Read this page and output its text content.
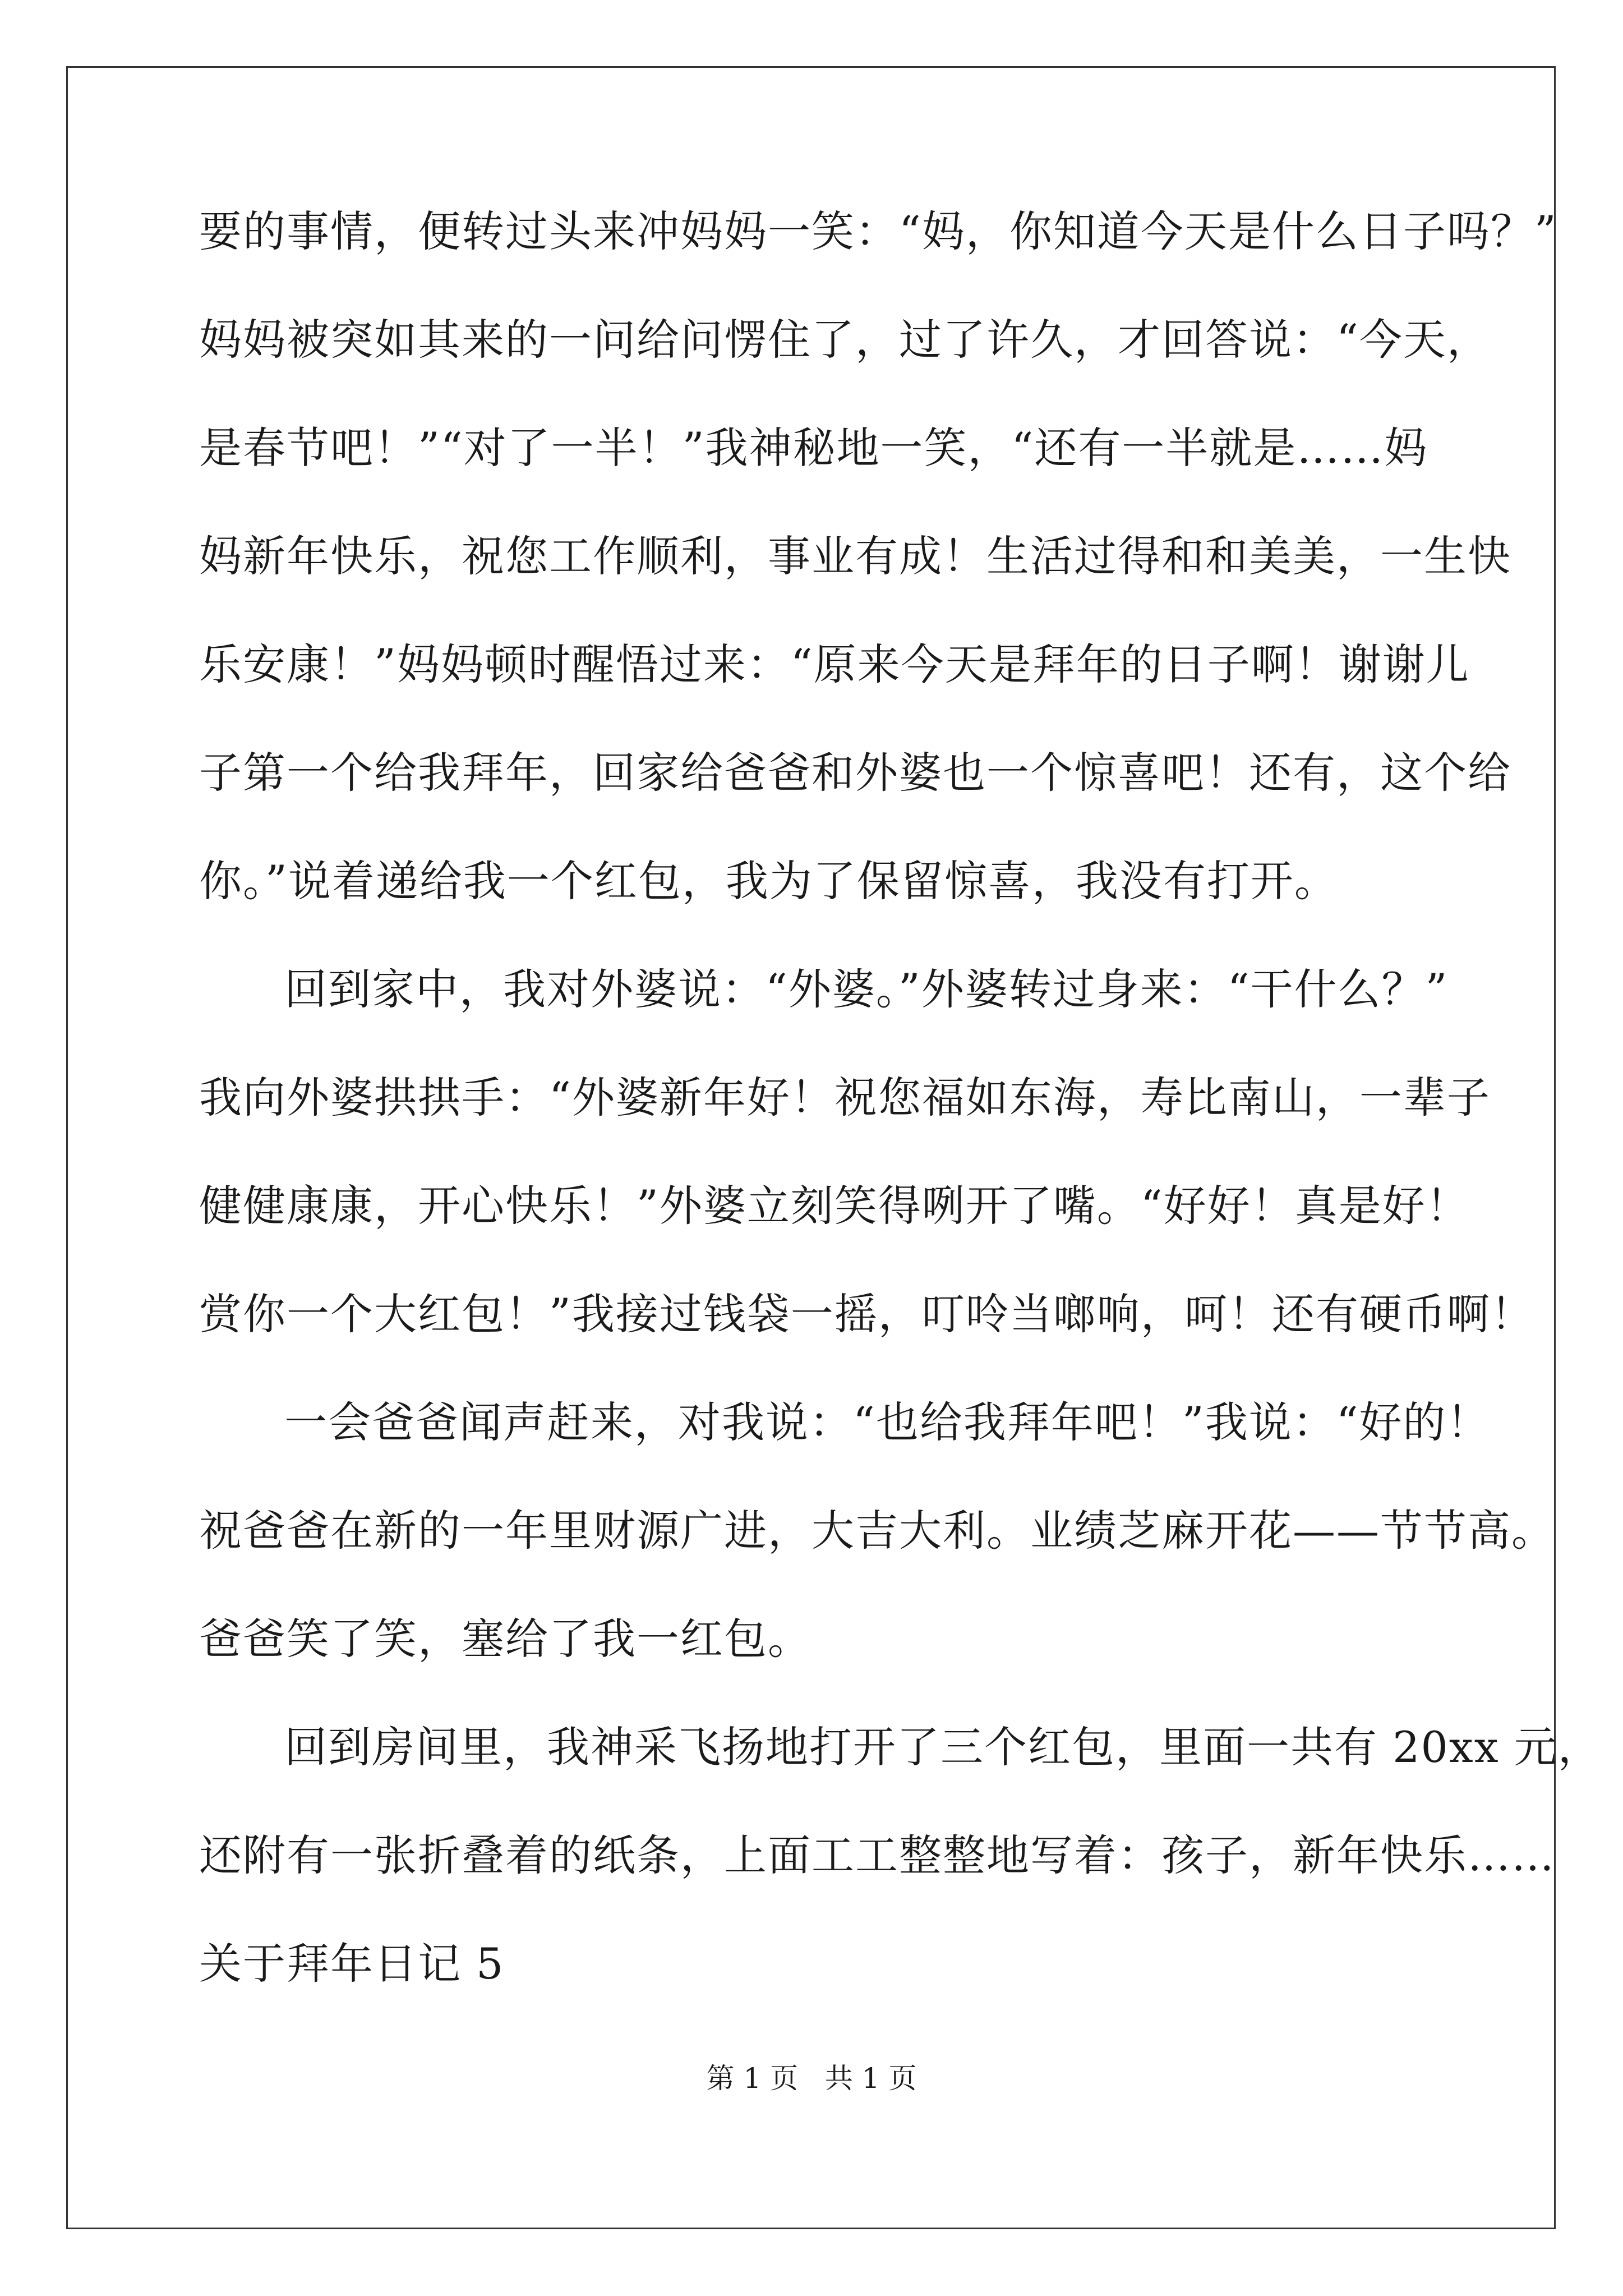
要的事情，便转过头来冲妈妈一笑：“妈，你知道今天是什么日子吗？”
妈妈被突如其来的一问给问愣住了，过了许久，才回答说：“今天，
是春节吧！”“对了一半！”我神秘地一笑，“还有一半就是……妈
妈新年快乐，祝您工作顺利，事业有成！生活过得和和美美，一生快
乐安康！”妈妈顿时醒悟过来：“原来今天是拜年的日子啊！谢谢儿
子第一个给我拜年，回家给爸爸和外婆也一个惊喜吧！还有，这个给
你。”说着递给我一个红包，我为了保留惊喜，我没有打开。
回到家中，我对外婆说：“外婆。”外婆转过身来：“干什么？”
我向外婆拱拱手：“外婆新年好！祝您福如东海，寿比南山，一辈子
健健康康，开心快乐！”外婆立刻笑得咧开了嘴。“好好！真是好！
赏你一个大红包！”我接过钱袋一摇，叮呤当啷响，呵！还有硬币啊！
一会爸爸闻声赶来，对我说：“也给我拜年吧！”我说：“好的！
祝爸爸在新的一年里财源广进，大吉大利。业绩芝麻开花——节节高。
爸爸笑了笑，塞给了我一红包。
回到房间里，我神采飞扬地打开了三个红包，里面一共有 20xx 元，
还附有一张折叠着的纸条，上面工工整整地写着：孩子，新年快乐……
关于拜年日记 5
第 1 页   共 1 页
